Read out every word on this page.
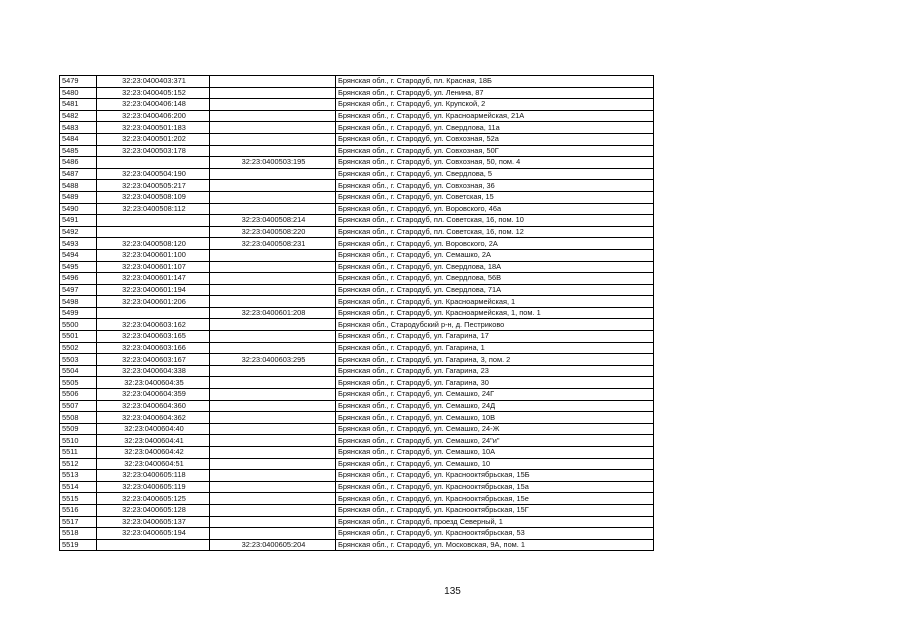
5479	32:23:0400403:371		Брянская обл., г. Стародуб, пл. Красная, 18Б
5480	32:23:0400405:152		Брянская обл., г. Стародуб, ул. Ленина, 87
5481	32:23:0400406:148		Брянская обл., г. Стародуб, ул. Крупской, 2
5482	32:23:0400406:200		Брянская обл., г. Стародуб, ул. Красноармейская, 21А
5483	32:23:0400501:183		Брянская обл., г. Стародуб, ул. Свердлова, 11а
5484	32:23:0400501:202		Брянская обл., г. Стародуб, ул. Совхозная, 52а
5485	32:23:0400503:178		Брянская обл., г. Стародуб, ул. Совхозная, 50Г
5486		32:23:0400503:195	Брянская обл., г. Стародуб, ул. Совхозная, 50, пом. 4
5487	32:23:0400504:190		Брянская обл., г. Стародуб, ул. Свердлова, 5
5488	32:23:0400505:217		Брянская обл., г. Стародуб, ул. Совхозная, 36
5489	32:23:0400508:109		Брянская обл., г. Стародуб, ул. Советская, 15
5490	32:23:0400508:112		Брянская обл., г. Стародуб, ул. Воровского, 46а
5491		32:23:0400508:214	Брянская обл., г. Стародуб, пл. Советская, 16, пом. 10
5492		32:23:0400508:220	Брянская обл., г. Стародуб, пл. Советская, 16, пом. 12
5493	32:23:0400508:120	32:23:0400508:231	Брянская обл., г. Стародуб, ул. Воровского, 2А
5494	32:23:0400601:100		Брянская обл., г. Стародуб, ул. Семашко, 2А
5495	32:23:0400601:107		Брянская обл., г. Стародуб, ул. Свердлова, 18А
5496	32:23:0400601:147		Брянская обл., г. Стародуб, ул. Свердлова, 56В
5497	32:23:0400601:194		Брянская обл., г. Стародуб, ул. Свердлова, 71А
5498	32:23:0400601:206		Брянская обл., г. Стародуб, ул. Красноармейская, 1
5499		32:23:0400601:208	Брянская обл., г. Стародуб, ул. Красноармейская, 1, пом. 1
5500	32:23:0400603:162		Брянская обл., Стародубский р-н, д. Пестриково
5501	32:23:0400603:165		Брянская обл., г. Стародуб, ул. Гагарина, 17
5502	32:23:0400603:166		Брянская обл., г. Стародуб, ул. Гагарина, 1
5503	32:23:0400603:167	32:23:0400603:295	Брянская обл., г. Стародуб, ул. Гагарина, 3, пом. 2
5504	32:23:0400604:338		Брянская обл., г. Стародуб, ул. Гагарина, 23
5505	32:23:0400604:35		Брянская обл., г. Стародуб, ул. Гагарина, 30
5506	32:23:0400604:359		Брянская обл., г. Стародуб, ул. Семашко, 24Г
5507	32:23:0400604:360		Брянская обл., г. Стародуб, ул. Семашко, 24Д
5508	32:23:0400604:362		Брянская обл., г. Стародуб, ул. Семашко, 10В
5509	32:23:0400604:40		Брянская обл., г. Стародуб, ул. Семашко, 24-Ж
5510	32:23:0400604:41		Брянская обл., г. Стародуб, ул. Семашко, 24"и"
5511	32:23:0400604:42		Брянская обл., г. Стародуб, ул. Семашко, 10А
5512	32:23:0400604:51		Брянская обл., г. Стародуб, ул. Семашко, 10
5513	32:23:0400605:118		Брянская обл., г. Стародуб, ул. Краснооктябрьская, 15Б
5514	32:23:0400605:119		Брянская обл., г. Стародуб, ул. Краснооктябрьская, 15а
5515	32:23:0400605:125		Брянская обл., г. Стародуб, ул. Краснооктябрьская, 15е
5516	32:23:0400605:128		Брянская обл., г. Стародуб, ул. Краснооктябрьская, 15Г
5517	32:23:0400605:137		Брянская обл., г. Стародуб, проезд Северный, 1
5518	32:23:0400605:194		Брянская обл., г. Стародуб, ул. Краснооктябрьская, 53
5519		32:23:0400605:204	Брянская обл., г. Стародуб, ул. Московская, 9А, пом. 1
135
